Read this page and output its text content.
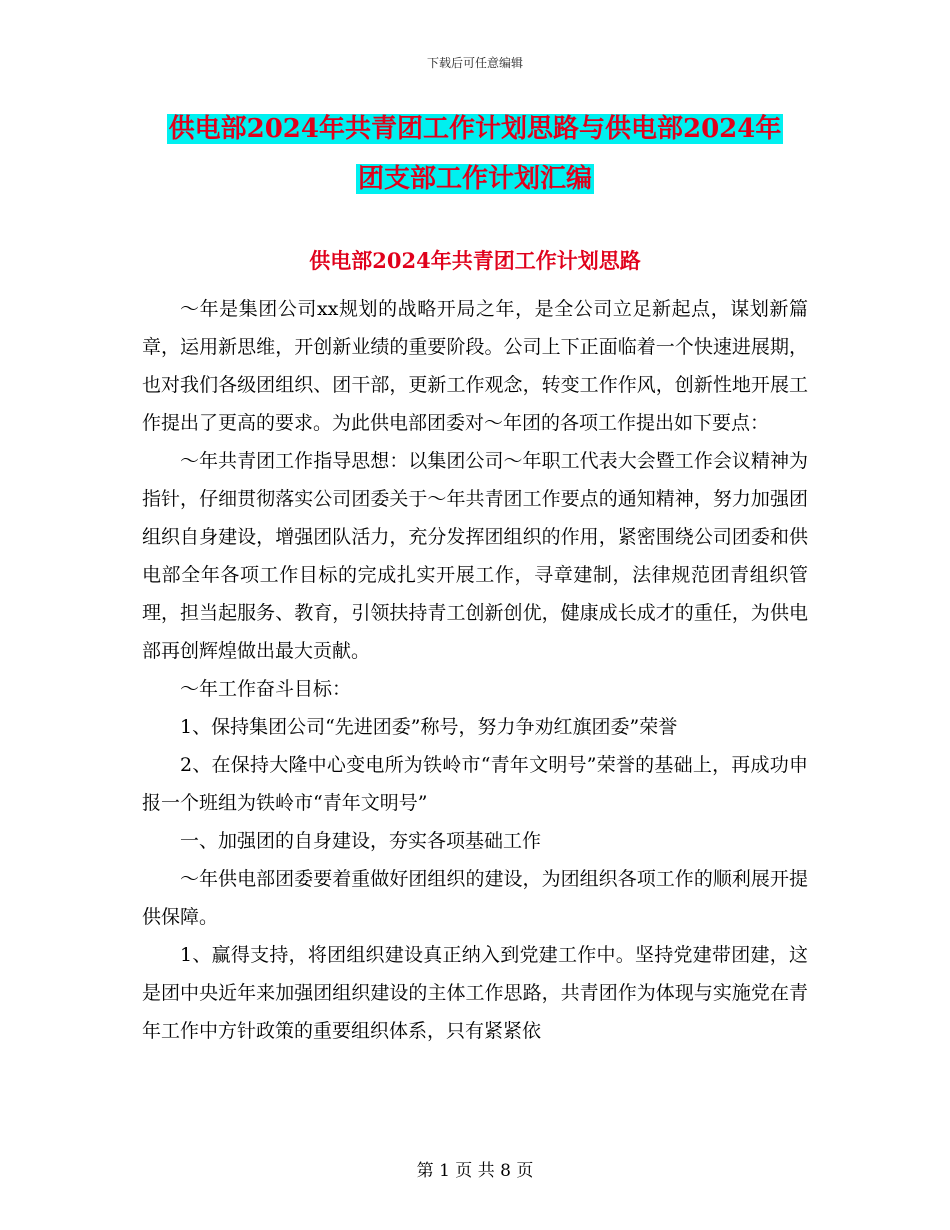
下载后可任意编辑
供电部2024年共青团工作计划思路与供电部2024年
团支部工作计划汇编
供电部2024年共青团工作计划思路

～年是集团公司xx规划的战略开局之年，是全公司立足新起点，谋划新篇章，运用新思维，开创新业绩的重要阶段。公司上下正面临着一个快速进展期，也对我们各级团组织、团干部，更新工作观念，转变工作作风，创新性地开展工作提出了更高的要求。为此供电部团委对～年团的各项工作提出如下要点：

～年共青团工作指导思想：以集团公司～年职工代表大会暨工作会议精神为指针，仔细贯彻落实公司团委关于～年共青团工作要点的通知精神，努力加强团组织自身建设，增强团队活力，充分发挥团组织的作用，紧密围绕公司团委和供电部全年各项工作目标的完成扎实开展工作，寻章建制，法律规范团青组织管理，担当起服务、教育，引领扶持青工创新创优，健康成长成才的重任，为供电部再创辉煌做出最大贡献。

～年工作奋斗目标：

1、保持集团公司“先进团委”称号，努力争劝红旗团委”荣誉

2、在保持大隆中心变电所为铁岭市“青年文明号”荣誉的基础上，再成功申报一个班组为铁岭市“青年文明号”

一、加强团的自身建设，夯实各项基础工作

～年供电部团委要着重做好团组织的建设，为团组织各项工作的顺利展开提供保障。

1、赢得支持，将团组织建设真正纳入到党建工作中。坚持党建带团建，这是团中央近年来加强团组织建设的主体工作思路，共青团作为体现与实施党在青年工作中方针政策的重要组织体系，只有紧紧依

第 1 页 共 8 页
